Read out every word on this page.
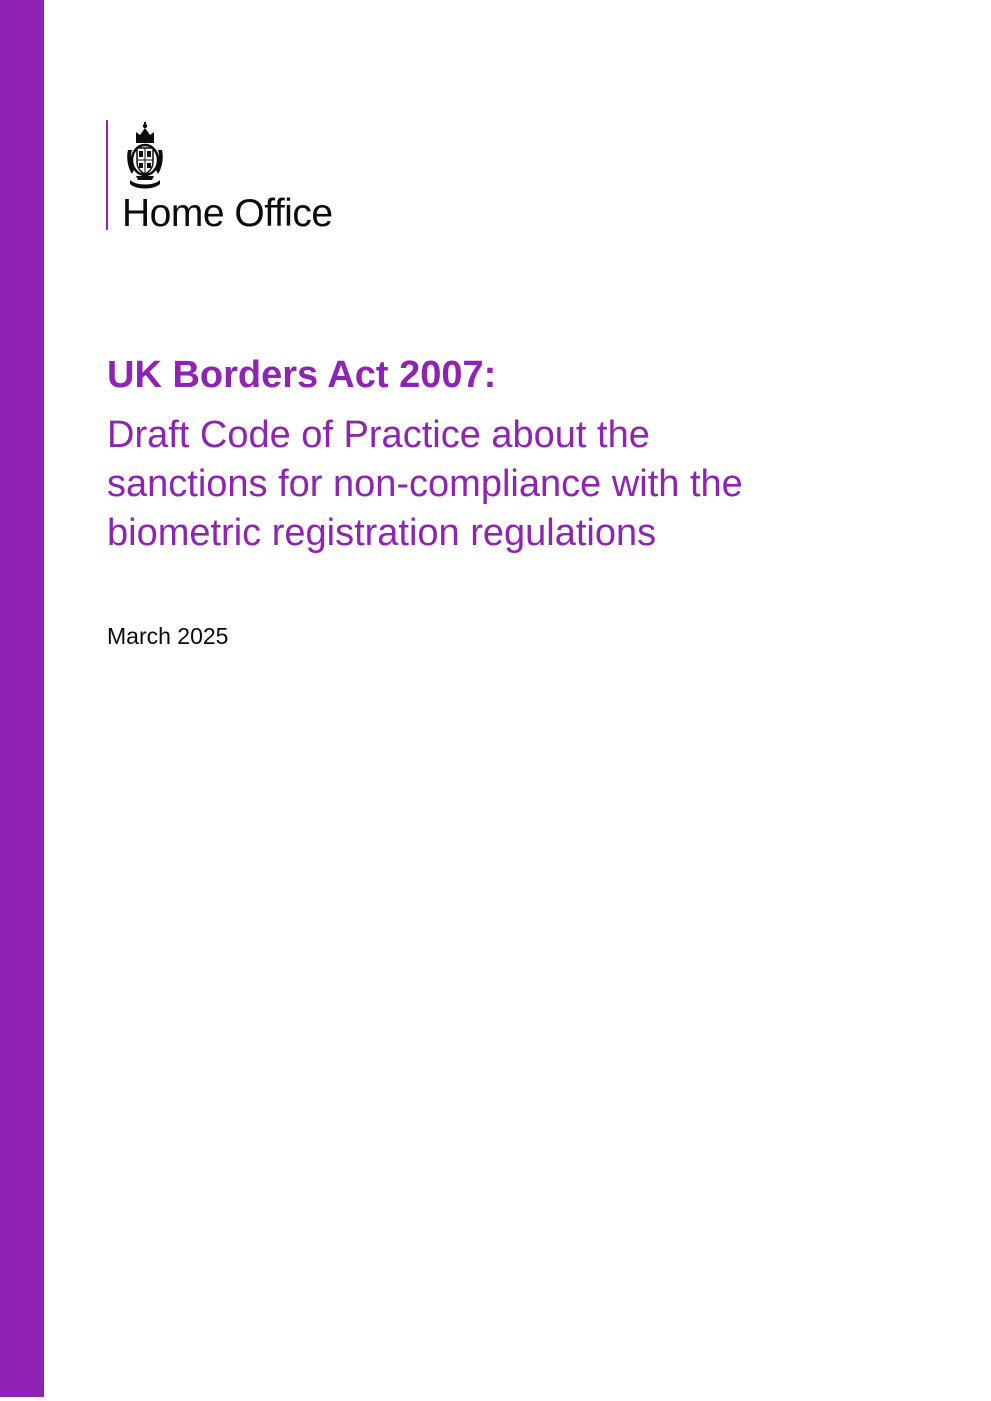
Home Office
UK Borders Act 2007:
Draft Code of Practice about the
sanctions for non-compliance with the
biometric registration regulations
March 2025
